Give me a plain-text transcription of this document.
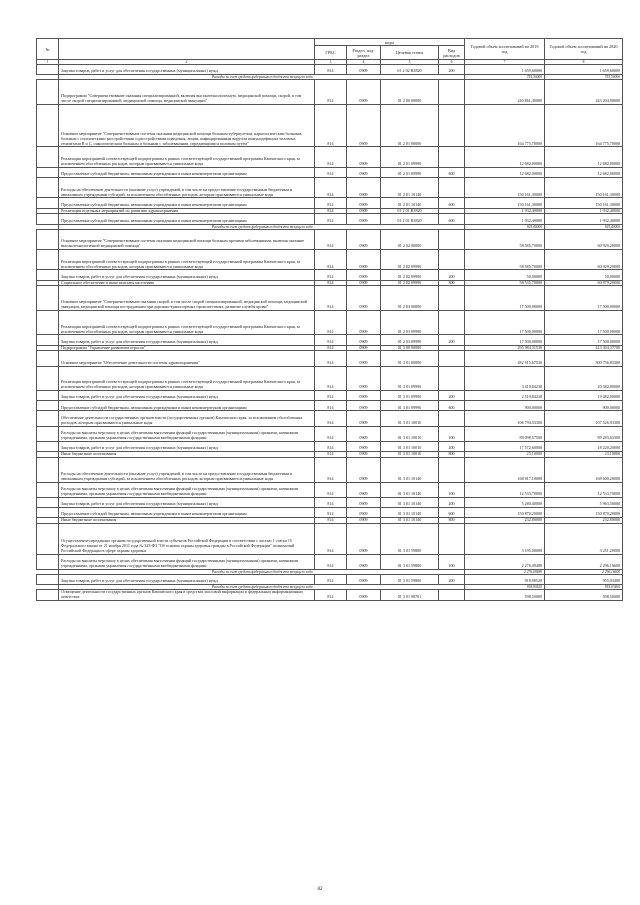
№		коды				Годовой объем ассигнований на 2019 год	Годовой объем ассигнований на 2020 год
		ГРБС	Раздел, под-раздел	Целевая статья	Вид расходов		
1	2	3	4	5	6	7	8
	Закупка товаров, работ и услуг для обеспечения государственных (муниципальных) нужд	814	0909	01 2 02 R3820	200	1 659,60000	1 659,60000
	Расходы за счет средств федерального бюджета текущего года					755,50000	755,50000
	Подпрограмма "Совершенствование оказания специализированной, включая высокотехнологичную, медицинской помощи, скорой, в том числе скорой специализированной, медицинской помощи, медицинской эвакуации"	814	0909	01 2 00 00000		240 861,40000	243 204,90000
	Основное мероприятие "Совершенствование системы оказания медицинской помощи больным туберкулезом, наркологическим больным, больным с психическими расстройствами и расстройствами поведения, лицам, инфицированным вирусом иммунодефицита человека, гепатитами B и C, онкологическим больным и больным с заболеваниями, передающимися половым путем"	814	0909	01 2 01 00000		164 775,70000	164 775,70000
	Реализация мероприятий соответствующей подпрограммы в рамках соответствующей государственной программы Камчатского края, за исключением обособленных расходов, которым присваиваются уникальные коды	814	0909	01 2 01 09990		12 682,00000	12 682,00000
	Предоставление субсидий бюджетным, автономным учреждениям и иным некоммерческим организациям	814	0909	01 2 01 09990	600	12 682,00000	12 682,00000
	Расходы на обеспечение деятельности (оказание услуг) учреждений, в том числе на предоставление государственным бюджетным и автономным учреждениям субсидий, за исключением обособленных расходов, которым присваиваются уникальные коды	814	0909	01 2 01 10140		150 161,30000	150 161,30000
	Предоставление субсидий бюджетным, автономным учреждениям и иным некоммерческим организациям	814	0909	01 2 01 10140	600	150 161,30000	150 161,30000
	Реализация отдельных мероприятий по развитию здравоохранения	814	0909	01 2 01 R3820		1 932,40000	1 932,40000
	Предоставление субсидий бюджетным, автономным учреждениям и иным некоммерческим организациям	814	0909	01 2 01 R3820	600	1 932,40000	1 932,40000
	Расходы за счет средств федерального бюджета текущего года					925,40000	925,40000
	Основное мероприятие "Совершенствование системы оказания медицинской помощи больным прочими заболеваниями, включая оказание высокотехнологичной медицинской помощи"	814	0909	01 2 02 00000		58 585,70000	60 929,20000
	Реализация мероприятий соответствующей подпрограммы в рамках соответствующей государственной программы Камчатского края, за исключением обособленных расходов, которым присваиваются уникальные коды	814	0909	01 2 02 09990		58 585,70000	60 929,20000
	Закупка товаров, работ и услуг для обеспечения государственных (муниципальных) нужд	814	0909	01 2 02 09990	200	50,00000	50,00000
	Социальное обеспечение и иные выплаты населению	814	0909	01 2 02 09990	300	58 535,70000	60 879,20000
	Основное мероприятие "Совершенствование оказания скорой, в том числе скорой специализированной, медицинской помощи, медицинской эвакуации, медицинской помощи пострадавшим при дорожно-транспортных происшествиях, развитие службы крови"	814	0909	01 2 03 00000		17 500,00000	17 500,00000
	Реализация мероприятий соответствующей подпрограммы в рамках соответствующей государственной программы Камчатского края, за исключением обособленных расходов, которым присваиваются уникальные коды	814	0909	01 2 03 09990		17 500,00000	17 500,00000
	Закупка товаров, работ и услуг для обеспечения государственных (муниципальных) нужд	814	0909	01 2 03 09990	200	17 500,00000	17 500,00000
	Подпрограмма "Управление развитием отрасли"	814	0909	01 3 00 00000		295 984,31530	413 304,37700
	Основное мероприятие "Обеспечение деятельности системы здравоохранения"	814	0909	01 3 01 00000		282 915,67530	300 756,83300
	Реализация мероприятий соответствующей подпрограммы в рамках соответствующей государственной программы Камчатского края, за исключением обособленных расходов, которым присваиваются уникальные коды	814	0909	01 3 01 09990		3 410,84230	20 382,00000
	Закупка товаров, работ и услуг для обеспечения государственных (муниципальных) нужд	814	0909	01 3 01 09990	200	2 510,84230	19 482,00000
	Предоставление субсидий бюджетным, автономным учреждениям и иным некоммерческим организациям	814	0909	01 3 01 09990	600	900,00000	900,00000
	Обеспечение деятельности государственных органов власти (государственных органов) Камчатского края, за исключением обособленных расходов, которым присваиваются уникальные коды	814	0909	01 3 01 10010		106 794,33300	107 526,93300
	Расходы на выплаты персоналу в целях обеспечения выполнения функций государственными (муниципальными) органами, казенными учреждениями, органами управления государственными внебюджетными фондами	814	0909	01 3 01 10010	100	89 098,57500	89 283,63300
	Закупка товаров, работ и услуг для обеспечения государственных (муниципальных) нужд	814	0909	01 3 01 10010	200	17 572,60000	18 220,20000
	Иные бюджетные ассигнования	814	0909	01 3 01 10010	800	23,10000	23,10000
	Расходы на обеспечение деятельности (оказание услуг) учреждений, в том числе на предоставление государственным бюджетным и автономным учреждениям субсидий, за исключением обособленных расходов, которым присваиваются уникальные коды	814	0909	01 3 01 10140		168 917,10000	169 600,20000
	Расходы на выплаты персоналу в целях обеспечения выполнения функций государственными (муниципальными) органами, казенными учреждениями, органами управления государственными внебюджетными фондами	814	0909	01 3 01 10140	100	12 533,70000	12 533,70000
	Закупка товаров, работ и услуг для обеспечения государственных (муниципальных) нужд	814	0909	01 3 01 10140	200	5 280,40000	5 963,50000
	Предоставление субсидий бюджетным, автономным учреждениям и иным некоммерческим организациям	814	0909	01 3 01 10140	600	150 870,20000	150 870,20000
	Иные бюджетные ассигнования	814	0909	01 3 01 10140	800	232,80000	232,80000
	Осуществление переданных органам государственной власти субъектов Российской Федерации в соответствии с частью 1 статьи 15 Федерального закона от 21 ноября 2011 года № 323-ФЗ "Об основах охраны здоровья граждан в Российской Федерации" полномочий Российской Федерации в сфере охраны здоровья	814	0909	01 3 01 59800		3 195,00000	3 251,20000
	Расходы на выплаты персоналу в целях обеспечения выполнения функций государственными (муниципальными) органами, казенными учреждениями, органами управления государственными внебюджетными фондами	814	0909	01 3 01 59800	100	2 276,09480	2 296,16600
	Расходы за счет средств федерального бюджета текущего года					2 276,09480	2 296,16600
	Закупка товаров, работ и услуг для обеспечения государственных (муниципальных) нужд	814	0909	01 3 01 59800	200	918,90520	955,03400
	Расходы за счет средств федерального бюджета текущего года					918,90520	955,03400
	Освещение деятельности государственных органов Камчатского края в средствах массовой информации и федеральных информационных агентствах	814	0909	01 3 01 98701		598,50000	598,50000
82
